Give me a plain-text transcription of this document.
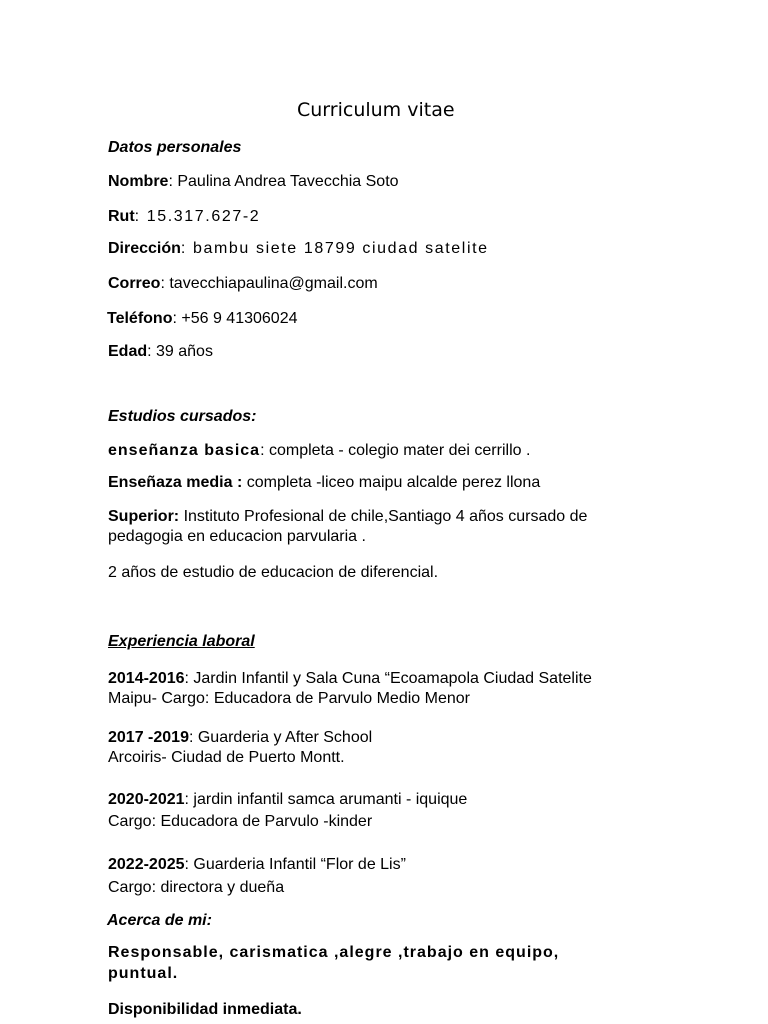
Curriculum vitae

Datos personales

Nombre: Paulina Andrea Tavecchia Soto

Rut: 15.317.627-2

Dirección: bambu siete 18799 ciudad satelite

Correo: tavecchiapaulina@gmail.com

Teléfono: +56 9 41306024

Edad: 39 años

Estudios cursados:

enseñanza basica: completa - colegio mater dei cerrillo .

Enseñaza media : completa -liceo maipu alcalde perez llona

Superior: Instituto Profesional de chile,Santiago 4 años cursado de

pedagogia en educacion parvularia .

2 años de estudio de educacion de diferencial.

Experiencia laboral

2014-2016: Jardin Infantil y Sala Cuna “Ecoamapola Ciudad Satelite

Maipu- Cargo: Educadora de Parvulo Medio Menor

2017 -2019: Guarderia y After School

Arcoiris- Ciudad de Puerto Montt.

2020-2021: jardin infantil samca arumanti - iquique

Cargo: Educadora de Parvulo -kinder

2022-2025: Guarderia Infantil “Flor de Lis”

Cargo: directora y dueña

Acerca de mi:

Responsable, carismatica ,alegre ,trabajo en equipo,

puntual.

Disponibilidad inmediata.
